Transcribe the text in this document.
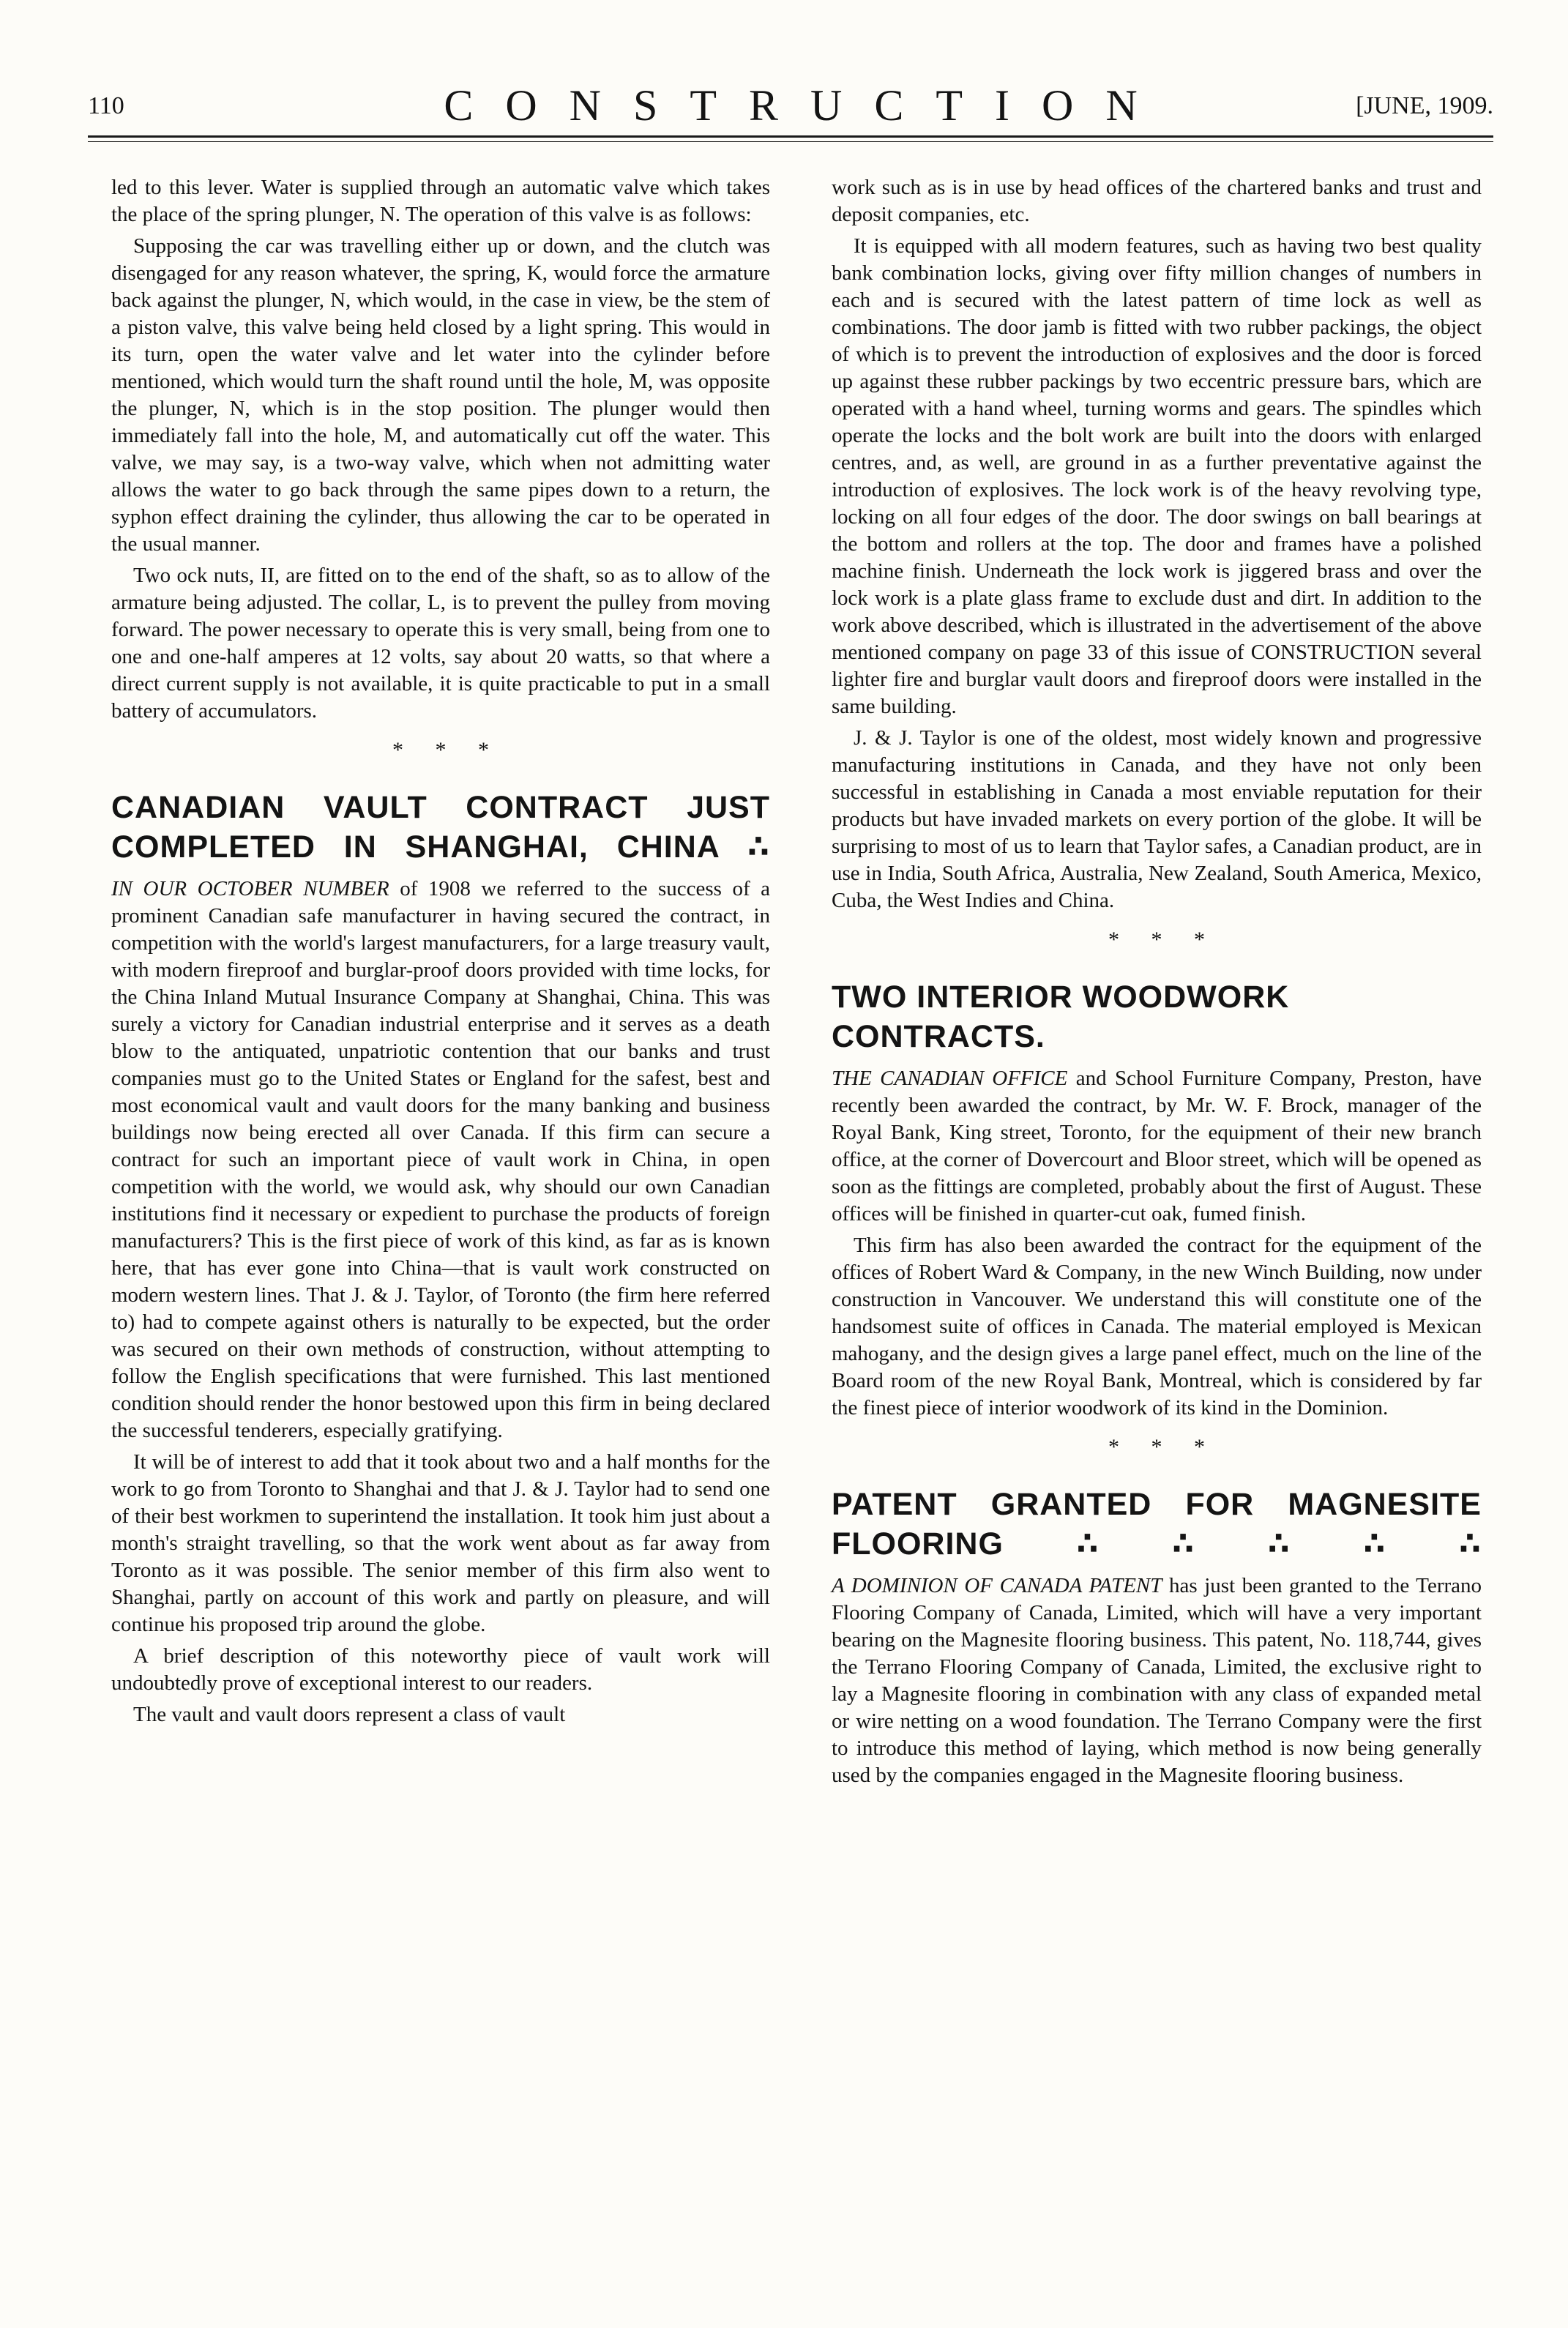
110	CONSTRUCTION	[JUNE, 1909.

led to this lever. Water is supplied through an automatic valve which takes the place of the spring plunger, N. The operation of this valve is as follows:

Supposing the car was travelling either up or down, and the clutch was disengaged for any reason whatever, the spring, K, would force the armature back against the plunger, N, which would, in the case in view, be the stem of a piston valve, this valve being held closed by a light spring. This would in its turn, open the water valve and let water into the cylinder before mentioned, which would turn the shaft round until the hole, M, was opposite the plunger, N, which is in the stop position. The plunger would then immediately fall into the hole, M, and automatically cut off the water. This valve, we may say, is a two-way valve, which when not admitting water allows the water to go back through the same pipes down to a return, the syphon effect draining the cylinder, thus allowing the car to be operated in the usual manner.

Two ock nuts, II, are fitted on to the end of the shaft, so as to allow of the armature being adjusted. The collar, L, is to prevent the pulley from moving forward. The power necessary to operate this is very small, being from one to one and one-half amperes at 12 volts, say about 20 watts, so that where a direct current supply is not available, it is quite practicable to put in a small battery of accumulators.

* * *
CANADIAN VAULT CONTRACT JUST COMPLETED IN SHANGHAI, CHINA ∴

IN OUR OCTOBER NUMBER of 1908 we referred to the success of a prominent Canadian safe manufacturer in having secured the contract, in competition with the world's largest manufacturers, for a large treasury vault, with modern fireproof and burglar-proof doors provided with time locks, for the China Inland Mutual Insurance Company at Shanghai, China. This was surely a victory for Canadian industrial enterprise and it serves as a death blow to the antiquated, unpatriotic contention that our banks and trust companies must go to the United States or England for the safest, best and most economical vault and vault doors for the many banking and business buildings now being erected all over Canada. If this firm can secure a contract for such an important piece of vault work in China, in open competition with the world, we would ask, why should our own Canadian institutions find it necessary or expedient to purchase the products of foreign manufacturers? This is the first piece of work of this kind, as far as is known here, that has ever gone into China—that is vault work constructed on modern western lines. That J. & J. Taylor, of Toronto (the firm here referred to) had to compete against others is naturally to be expected, but the order was secured on their own methods of construction, without attempting to follow the English specifications that were furnished. This last mentioned condition should render the honor bestowed upon this firm in being declared the successful tenderers, especially gratifying.

It will be of interest to add that it took about two and a half months for the work to go from Toronto to Shanghai and that J. & J. Taylor had to send one of their best workmen to superintend the installation. It took him just about a month's straight travelling, so that the work went about as far away from Toronto as it was possible. The senior member of this firm also went to Shanghai, partly on account of this work and partly on pleasure, and will continue his proposed trip around the globe.

A brief description of this noteworthy piece of vault work will undoubtedly prove of exceptional interest to our readers.

The vault and vault doors represent a class of vault

work such as is in use by head offices of the chartered banks and trust and deposit companies, etc.

It is equipped with all modern features, such as having two best quality bank combination locks, giving over fifty million changes of numbers in each and is secured with the latest pattern of time lock as well as combinations. The door jamb is fitted with two rubber packings, the object of which is to prevent the introduction of explosives and the door is forced up against these rubber packings by two eccentric pressure bars, which are operated with a hand wheel, turning worms and gears. The spindles which operate the locks and the bolt work are built into the doors with enlarged centres, and, as well, are ground in as a further preventative against the introduction of explosives. The lock work is of the heavy revolving type, locking on all four edges of the door. The door swings on ball bearings at the bottom and rollers at the top. The door and frames have a polished machine finish. Underneath the lock work is jiggered brass and over the lock work is a plate glass frame to exclude dust and dirt. In addition to the work above described, which is illustrated in the advertisement of the above mentioned company on page 33 of this issue of CONSTRUCTION several lighter fire and burglar vault doors and fireproof doors were installed in the same building.

J. & J. Taylor is one of the oldest, most widely known and progressive manufacturing institutions in Canada, and they have not only been successful in establishing in Canada a most enviable reputation for their products but have invaded markets on every portion of the globe. It will be surprising to most of us to learn that Taylor safes, a Canadian product, are in use in India, South Africa, Australia, New Zealand, South America, Mexico, Cuba, the West Indies and China.

* * *
TWO INTERIOR WOODWORK CONTRACTS.

THE CANADIAN OFFICE and School Furniture Company, Preston, have recently been awarded the contract, by Mr. W. F. Brock, manager of the Royal Bank, King street, Toronto, for the equipment of their new branch office, at the corner of Dovercourt and Bloor street, which will be opened as soon as the fittings are completed, probably about the first of August. These offices will be finished in quarter-cut oak, fumed finish.

This firm has also been awarded the contract for the equipment of the offices of Robert Ward & Company, in the new Winch Building, now under construction in Vancouver. We understand this will constitute one of the handsomest suite of offices in Canada. The material employed is Mexican mahogany, and the design gives a large panel effect, much on the line of the Board room of the new Royal Bank, Montreal, which is considered by far the finest piece of interior woodwork of its kind in the Dominion.

* * *
PATENT GRANTED FOR MAGNESITE FLOORING ∴ ∴ ∴ ∴ ∴

A DOMINION OF CANADA PATENT has just been granted to the Terrano Flooring Company of Canada, Limited, which will have a very important bearing on the Magnesite flooring business. This patent, No. 118,744, gives the Terrano Flooring Company of Canada, Limited, the exclusive right to lay a Magnesite flooring in combination with any class of expanded metal or wire netting on a wood foundation. The Terrano Company were the first to introduce this method of laying, which method is now being generally used by the companies engaged in the Magnesite flooring business.
